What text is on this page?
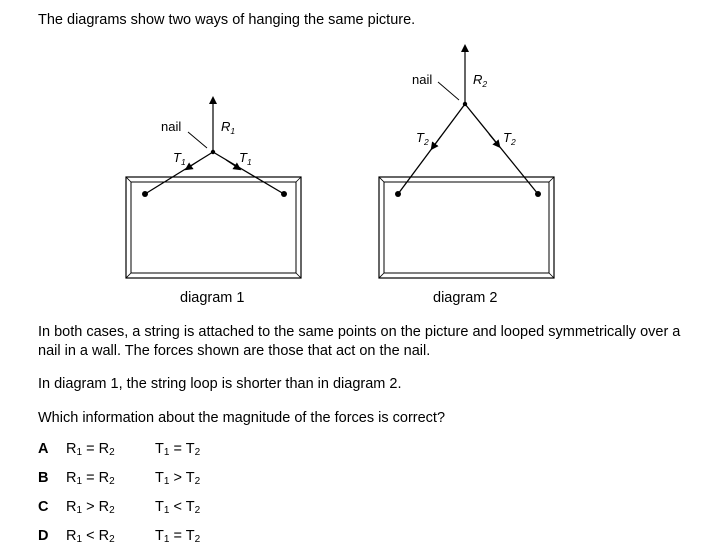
The diagrams show two ways of hanging the same picture.
nail	$R_1$
$T_1$	$T_1$
diagram 1
nail	$R_2$
$T_2$	$T_2$
diagram 2
In both cases, a string is attached to the same points on the picture and looped symmetrically over a nail in a wall. The forces shown are those that act on the nail.
In diagram 1, the string loop is shorter than in diagram 2.
Which information about the magnitude of the forces is correct?
A $R_1 = R_2$	$T_1 = T_2$
B $R_1 = R_2$	$T_1 > T_2$
C $R_1 > R_2$	$T_1 < T_2$
D $R_1 < R_2$	$T_1 = T_2$
